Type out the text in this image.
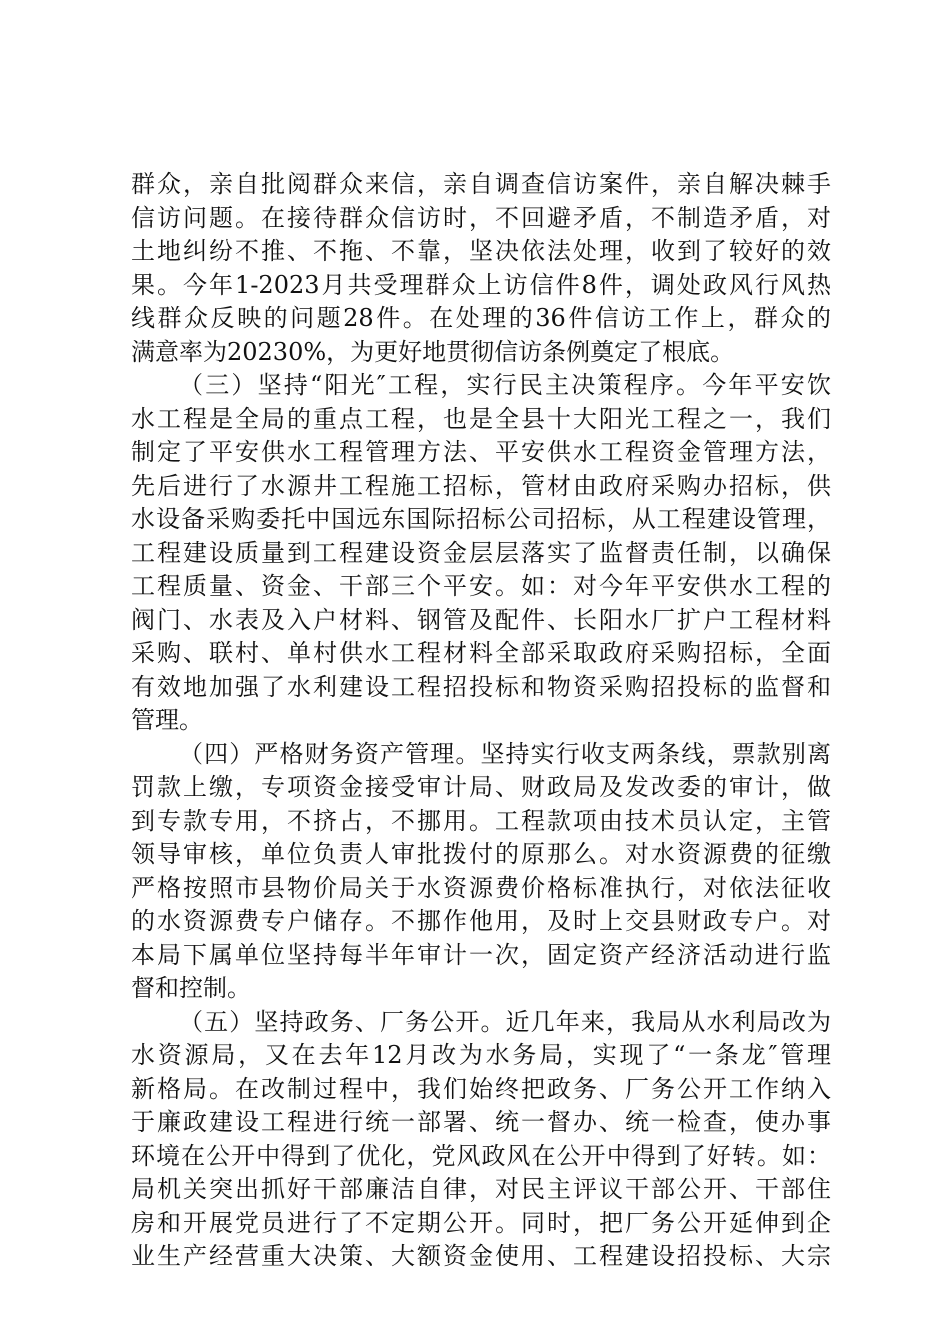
群众，亲自批阅群众来信，亲自调查信访案件，亲自解决棘手
信访问题。在接待群众信访时，不回避矛盾，不制造矛盾，对
土地纠纷不推、不拖、不靠，坚决依法处理，收到了较好的效
果。今年1-2023月共受理群众上访信件8件，调处政风行风热
线群众反映的问题28件。在处理的36件信访工作上，群众的
满意率为20230%，为更好地贯彻信访条例奠定了根底。
（三）坚持“阳光″工程，实行民主决策程序。今年平安饮
水工程是全局的重点工程，也是全县十大阳光工程之一，我们
制定了平安供水工程管理方法、平安供水工程资金管理方法，
先后进行了水源井工程施工招标，管材由政府采购办招标，供
水设备采购委托中国远东国际招标公司招标，从工程建设管理，
工程建设质量到工程建设资金层层落实了监督责任制，以确保
工程质量、资金、干部三个平安。如：对今年平安供水工程的
阀门、水表及入户材料、钢管及配件、长阳水厂扩户工程材料
采购、联村、单村供水工程材料全部采取政府采购招标，全面
有效地加强了水利建设工程招投标和物资采购招投标的监督和
管理。
（四）严格财务资产管理。坚持实行收支两条线，票款别离
罚款上缴，专项资金接受审计局、财政局及发改委的审计，做
到专款专用，不挤占，不挪用。工程款项由技术员认定，主管
领导审核，单位负责人审批拨付的原那么。对水资源费的征缴
严格按照市县物价局关于水资源费价格标准执行，对依法征收
的水资源费专户储存。不挪作他用，及时上交县财政专户。对
本局下属单位坚持每半年审计一次，固定资产经济活动进行监
督和控制。
（五）坚持政务、厂务公开。近几年来，我局从水利局改为
水资源局，又在去年12月改为水务局，实现了“一条龙″管理
新格局。在改制过程中，我们始终把政务、厂务公开工作纳入
于廉政建设工程进行统一部署、统一督办、统一检查，使办事
环境在公开中得到了优化，党风政风在公开中得到了好转。如：
局机关突出抓好干部廉洁自律，对民主评议干部公开、干部住
房和开展党员进行了不定期公开。同时，把厂务公开延伸到企
业生产经营重大决策、大额资金使用、工程建设招投标、大宗
